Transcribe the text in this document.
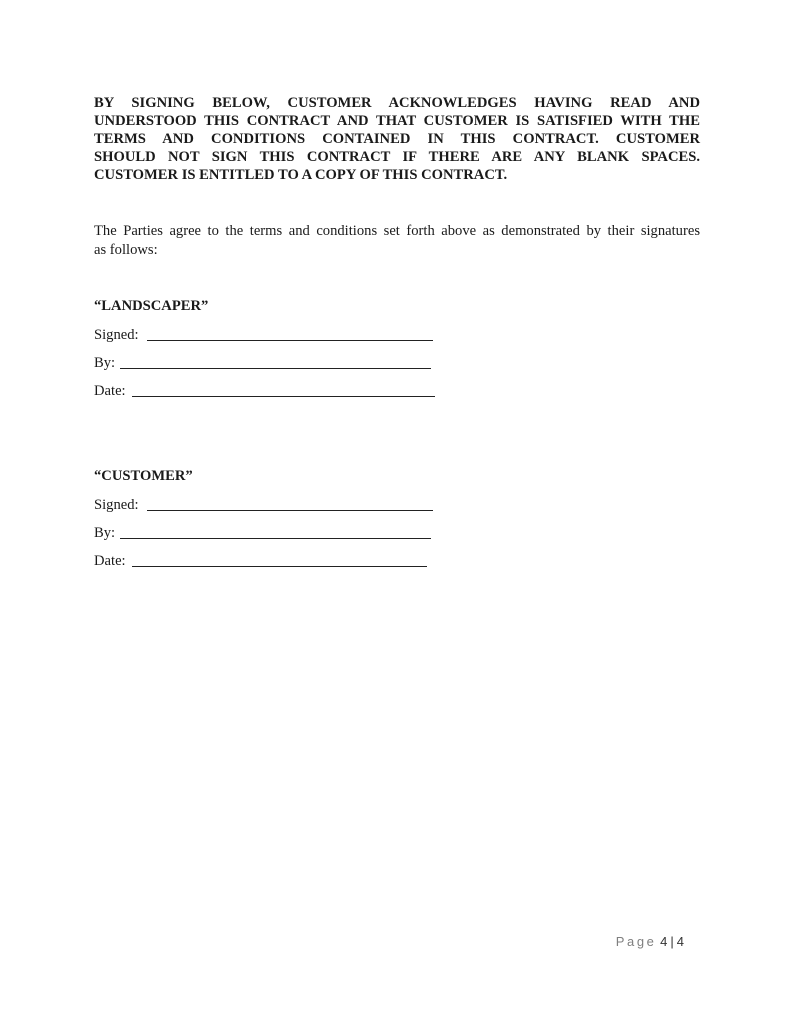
BY SIGNING BELOW, CUSTOMER ACKNOWLEDGES HAVING READ AND
UNDERSTOOD THIS CONTRACT AND THAT CUSTOMER IS SATISFIED WITH THE
TERMS AND CONDITIONS CONTAINED IN THIS CONTRACT. CUSTOMER
SHOULD NOT SIGN THIS CONTRACT IF THERE ARE ANY BLANK SPACES.
CUSTOMER IS ENTITLED TO A COPY OF THIS CONTRACT.

The Parties agree to the terms and conditions set forth above as demonstrated by their signatures
as follows:

“LANDSCAPER”

Signed:
By:
Date:

“CUSTOMER”

Signed:
By:
Date:
Page 4 | 4
